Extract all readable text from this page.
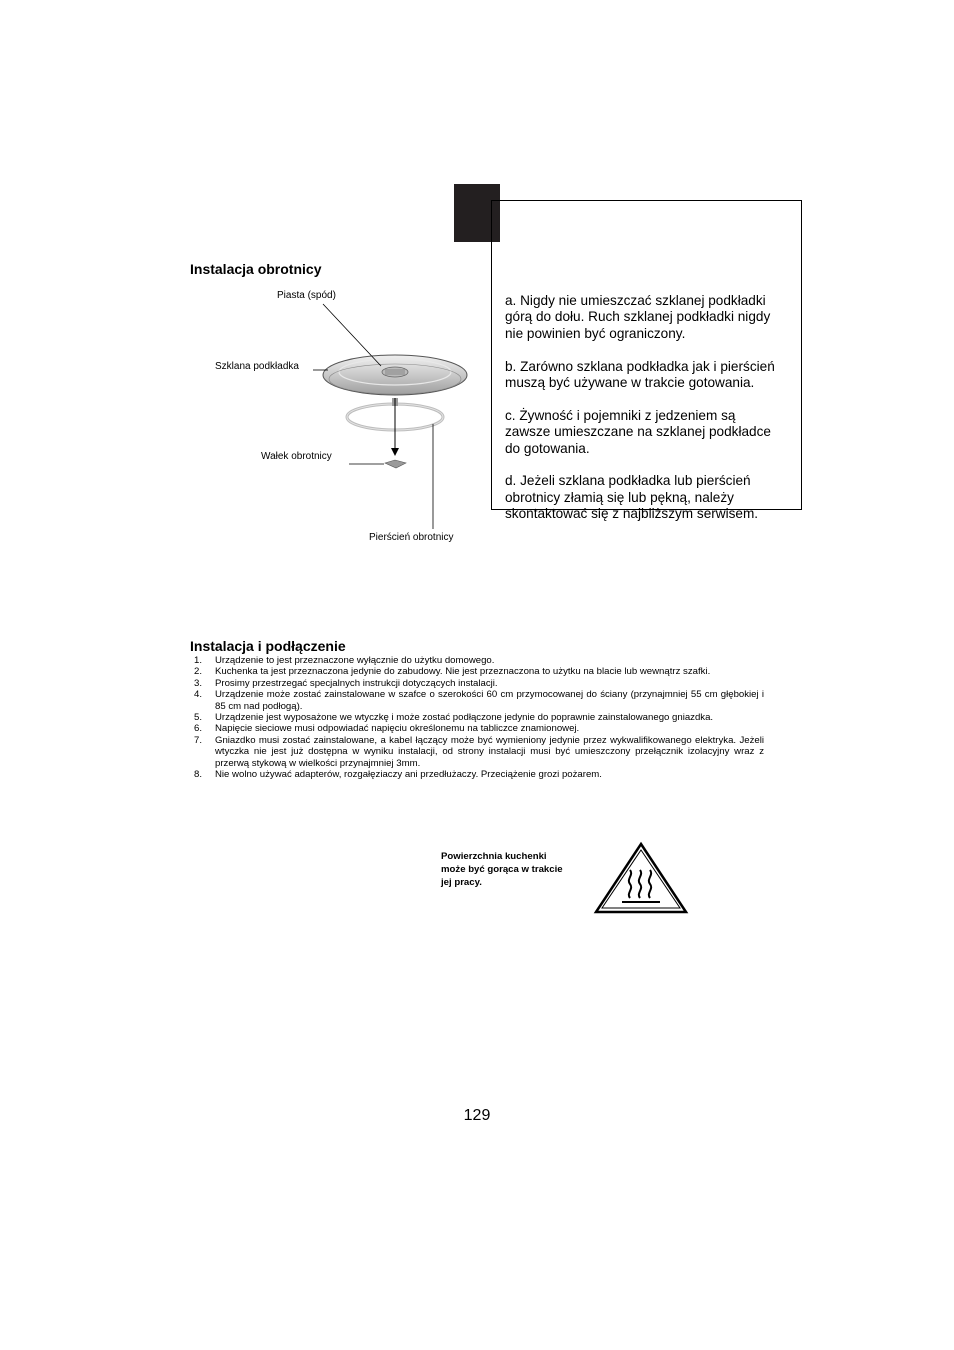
Instalacja obrotnicy
Piasta (spód)
Szklana podkładka
Wałek obrotnicy
Pierścień obrotnicy

a. Nigdy nie umieszczać szklanej podkładki górą do dołu. Ruch szklanej podkładki nigdy nie powinien być ograniczony.

b. Zarówno szklana podkładka jak i pierścień muszą być używane w trakcie gotowania.

c. Żywność i pojemniki z jedzeniem są zawsze umieszczane na szklanej podkładce do gotowania.

d. Jeżeli szklana podkładka lub pierścień obrotnicy złamią się lub pękną, należy skontaktować się z najbliższym serwisem.

Instalacja i podłączenie
1.	Urządzenie to jest przeznaczone wyłącznie do użytku domowego.
2.	Kuchenka ta jest przeznaczona jedynie do zabudowy. Nie jest przeznaczona to użytku na blacie lub wewnątrz szafki.
3.	Prosimy przestrzegać specjalnych instrukcji dotyczących instalacji.
4.	Urządzenie może zostać zainstalowane w szafce o szerokości 60 cm przymocowanej do ściany (przynajmniej 55 cm głębokiej i 85 cm nad podłogą).
5.	Urządzenie jest wyposażone we wtyczkę i może zostać podłączone jedynie do poprawnie zainstalowanego gniazdka.
6.	Napięcie sieciowe musi odpowiadać napięciu określonemu na tabliczce znamionowej.
7.	Gniazdko musi zostać zainstalowane, a kabel łączący może być wymieniony jedynie przez wykwalifikowanego elektryka. Jeżeli wtyczka nie jest już dostępna w wyniku instalacji, od strony instalacji musi być umieszczony przełącznik izolacyjny wraz z przerwą stykową w wielkości przynajmniej 3mm.
8.	Nie wolno używać adapterów, rozgałęziaczy ani przedłużaczy. Przeciążenie grozi pożarem.
Powierzchnia kuchenki może być gorąca w trakcie jej pracy.
129
